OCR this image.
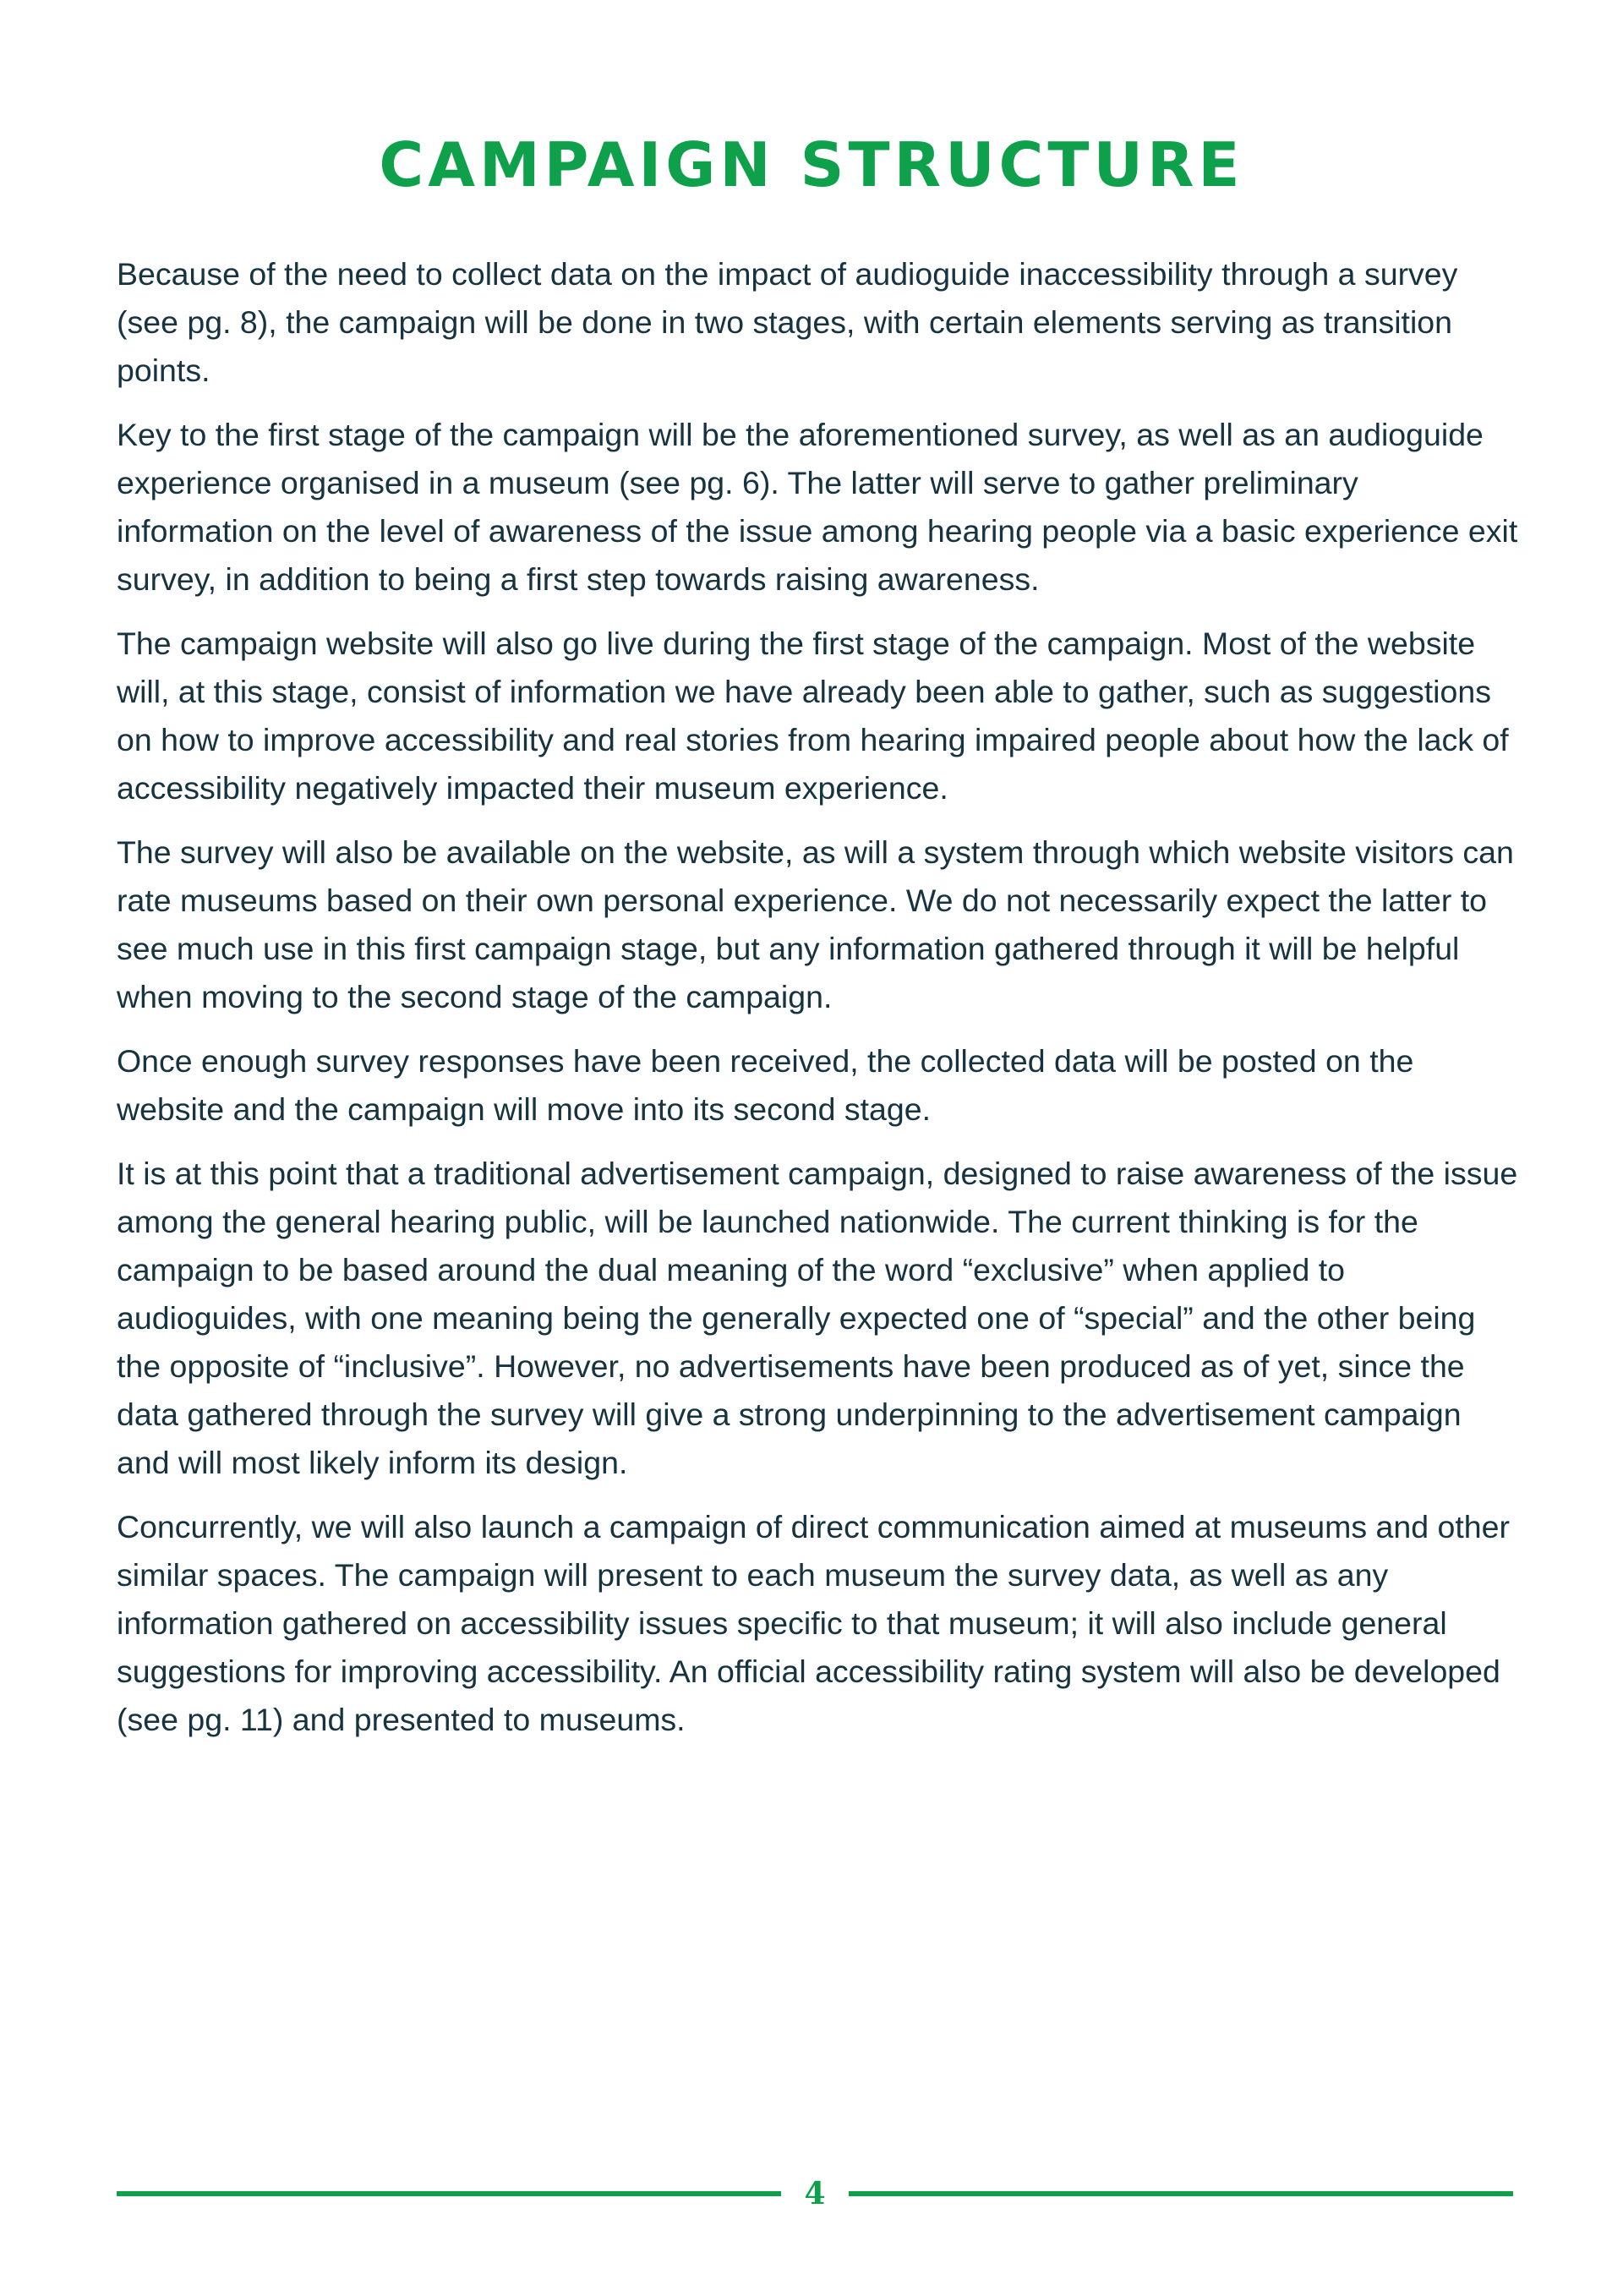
CAMPAIGN STRUCTURE

Because of the need to collect data on the impact of audioguide inaccessibility through a survey (see pg. 8), the campaign will be done in two stages, with certain elements serving as transition points.

Key to the first stage of the campaign will be the aforementioned survey, as well as an audioguide experience organised in a museum (see pg. 6). The latter will serve to gather preliminary information on the level of awareness of the issue among hearing people via a basic experience exit survey, in addition to being a first step towards raising awareness.

The campaign website will also go live during the first stage of the campaign. Most of the website will, at this stage, consist of information we have already been able to gather, such as suggestions on how to improve accessibility and real stories from hearing impaired people about how the lack of accessibility negatively impacted their museum experience.

The survey will also be available on the website, as will a system through which website visitors can rate museums based on their own personal experience. We do not necessarily expect the latter to see much use in this first campaign stage, but any information gathered through it will be helpful when moving to the second stage of the campaign.

Once enough survey responses have been received, the collected data will be posted on the website and the campaign will move into its second stage.

It is at this point that a traditional advertisement campaign, designed to raise awareness of the issue among the general hearing public, will be launched nationwide. The current thinking is for the campaign to be based around the dual meaning of the word “exclusive” when applied to audioguides, with one meaning being the generally expected one of “special” and the other being the opposite of “inclusive”. However, no advertisements have been produced as of yet, since the data gathered through the survey will give a strong underpinning to the advertisement campaign and will most likely inform its design.

Concurrently, we will also launch a campaign of direct communication aimed at museums and other similar spaces. The campaign will present to each museum the survey data, as well as any information gathered on accessibility issues specific to that museum; it will also include general suggestions for improving accessibility. An official accessibility rating system will also be developed (see pg. 11) and presented to museums.

4
